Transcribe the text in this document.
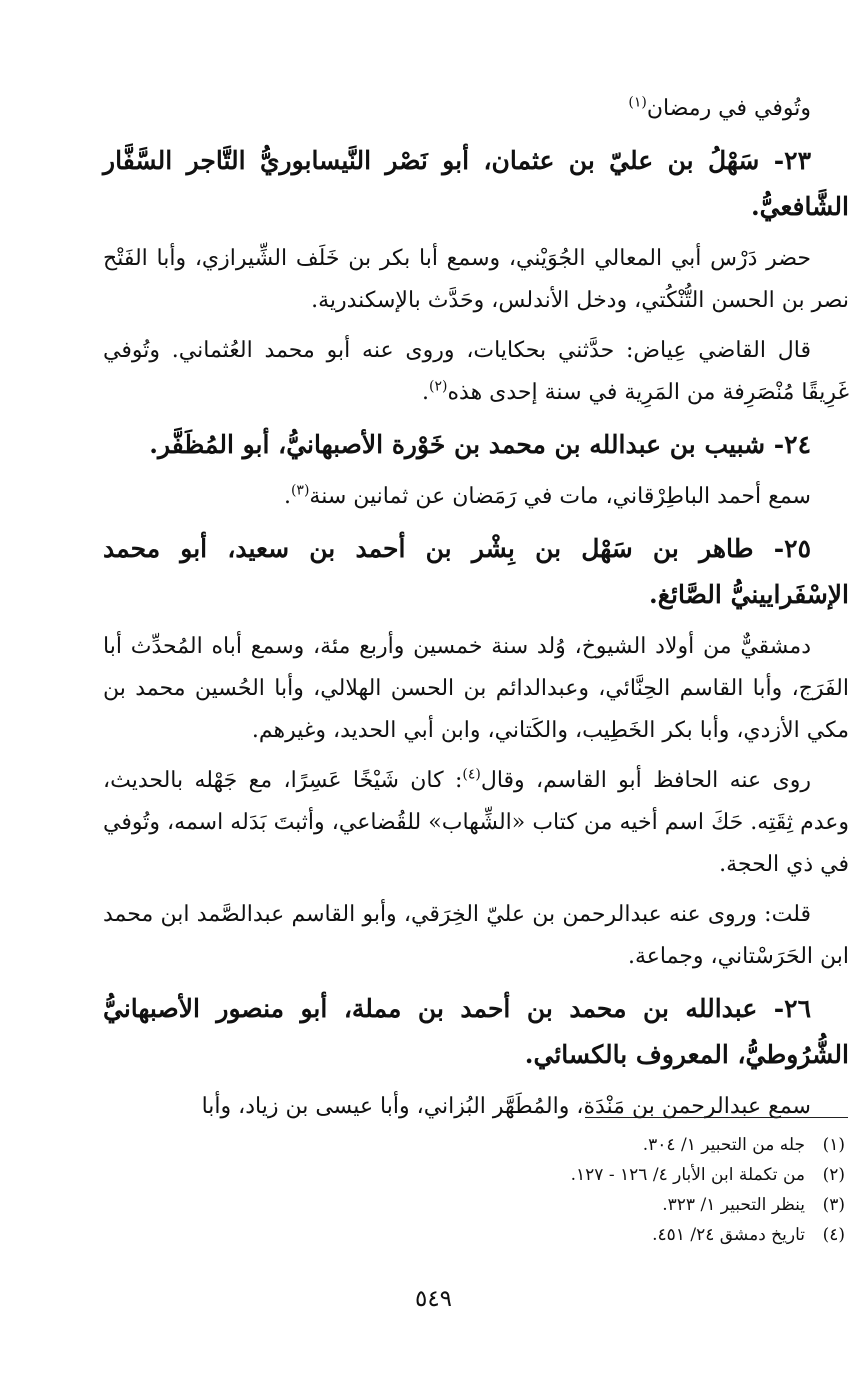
وتُوفي في رمضان$^{(١)}$

٢٣- سَهْلُ بن عليّ بن عثمان، أبو نَصْر النَّيسابوريُّ التَّاجر السَّفَّار الشَّافعيُّ.

حضر دَرْس أبي المعالي الجُوَيْني، وسمع أبا بكر بن خَلَف الشِّيرازي، وأبا الفَتْح نصر بن الحسن التُّنْكُتي، ودخل الأندلس، وحَدَّث بالإسكندرية.

قال القاضي عِياض: حدَّثني بحكايات، وروى عنه أبو محمد العُثماني. وتُوفي غَرِيقًا مُنْصَرِفة من المَرِية في سنة إحدى هذه$^{(٢)}$.

٢٤- شبيب بن عبدالله بن محمد بن خَوْرة الأصبهانيُّ، أبو المُظَفَّر.

سمع أحمد الباطِرْقاني، مات في رَمَضان عن ثمانين سنة$^{(٣)}$.

٢٥- طاهر بن سَهْل بن بِشْر بن أحمد بن سعيد، أبو محمد الإسْفَرايينيُّ الصَّائغ.

دمشقيٌّ من أولاد الشيوخ، وُلد سنة خمسين وأربع مئة، وسمع أباه المُحدِّث أبا الفَرَج، وأبا القاسم الحِنَّائي، وعبدالدائم بن الحسن الهلالي، وأبا الحُسين محمد بن مكي الأزدي، وأبا بكر الخَطِيب، والكَتاني، وابن أبي الحديد، وغيرهم.

روى عنه الحافظ أبو القاسم، وقال$^{(٤)}$: كان شَيْخًا عَسِرًا، مع جَهْله بالحديث، وعدم ثِقَتِه. حَكَ اسم أخيه من كتاب «الشِّهاب» للقُضاعي، وأثبتَ بَدَله اسمه، وتُوفي في ذي الحجة.

قلت: وروى عنه عبدالرحمن بن عليّ الخِرَقي، وأبو القاسم عبدالصَّمد ابن محمد ابن الحَرَسْتاني، وجماعة.

٢٦- عبدالله بن محمد بن أحمد بن مملة، أبو منصور الأصبهانيُّ الشُّرُوطيُّ، المعروف بالكسائي.

سمع عبدالرحمن بن مَنْدَة، والمُطَهَّر البُزاني، وأبا عيسى بن زياد، وأبا

(١)
جله من التحبير ١/ ٣٠٤.
(٢)
من تكملة ابن الأبار ٤/ ١٢٦ - ١٢٧.
(٣)
ينظر التحبير ١/ ٣٢٣.
(٤)
تاريخ دمشق ٢٤/ ٤٥١.
٥٤٩
